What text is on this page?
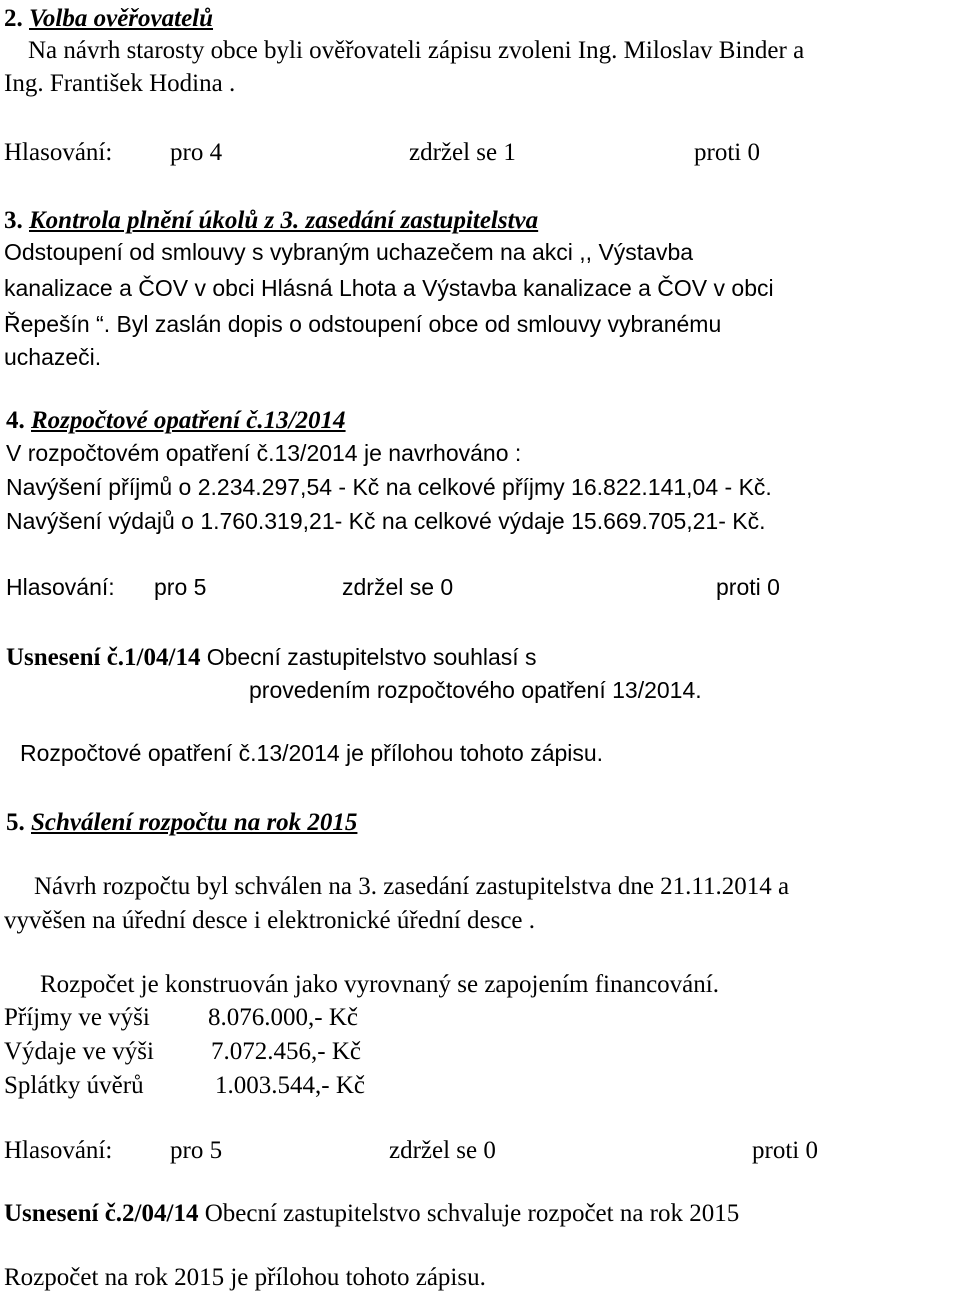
2. Volba ověřovatelů
Na návrh starosty obce byli ověřovateli zápisu zvoleni Ing. Miloslav Binder a
Ing. František Hodina .
Hlasování: pro 4	zdržel se 1	proti 0
3. Kontrola plnění úkolů z 3. zasedání zastupitelstva
Odstoupení od smlouvy s vybraným uchazečem na akci ,, Výstavba
kanalizace a ČOV v obci Hlásná Lhota a Výstavba kanalizace a ČOV v obci
Řepešín “. Byl zaslán dopis o odstoupení obce od smlouvy vybranému
uchazeči.
4. Rozpočtové opatření č.13/2014
V rozpočtovém opatření č.13/2014 je navrhováno :
Navýšení příjmů o 2.234.297,54 - Kč na celkové příjmy 16.822.141,04 - Kč.
Navýšení výdajů o 1.760.319,21- Kč na celkové výdaje 15.669.705,21- Kč.
Hlasování: pro 5	zdržel se 0	proti 0
Usnesení č.1/04/14 Obecní zastupitelstvo souhlasí s
provedením rozpočtového opatření 13/2014.
Rozpočtové opatření č.13/2014 je přílohou tohoto zápisu.
5. Schválení rozpočtu na rok 2015
Návrh rozpočtu byl schválen na 3. zasedání zastupitelstva dne 21.11.2014 a
vyvěšen na úřední desce i elektronické úřední desce .
Rozpočet je konstruován jako vyrovnaný se zapojením financování.
Příjmy ve výši 8.076.000,- Kč
Výdaje ve výši 7.072.456,- Kč
Splátky úvěrů	1.003.544,- Kč
Hlasování: pro 5	zdržel se 0	proti 0
Usnesení č.2/04/14 Obecní zastupitelstvo schvaluje rozpočet na rok 2015
Rozpočet na rok 2015 je přílohou tohoto zápisu.
